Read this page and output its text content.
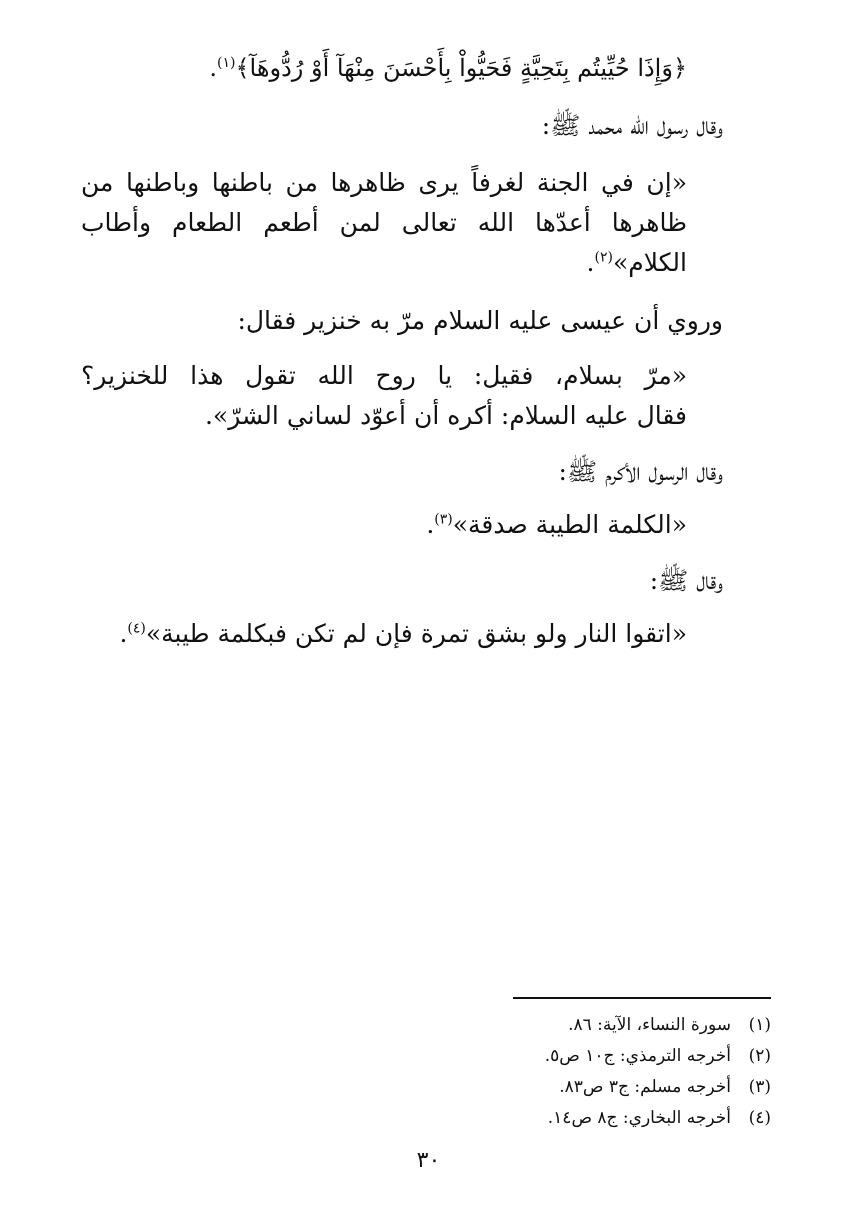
﴿وَإِذَا حُيِّيتُم بِتَحِيَّةٍ فَحَيُّواْ بِأَحْسَنَ مِنْهَآ أَوْ رُدُّوهَآ﴾$^{(١)}$.

وقال رسول الله محمد ﷺ:

«إن في الجنة لغرفاً يرى ظاهرها من باطنها وباطنها من

ظاهرها أعدّها الله تعالى لمن أطعم الطعام وأطاب

الكلام»$^{(٢)}$.

وروي أن عيسى عليه السلام مرّ به خنزير فقال:

«مرّ بسلام، فقيل: يا روح الله تقول هذا للخنزير؟

فقال عليه السلام: أكره أن أعوّد لساني الشرّ».

وقال الرسول الأكرم ﷺ:

«الكلمة الطيبة صدقة»$^{(٣)}$.

وقال ﷺ:

«اتقوا النار ولو بشق تمرة فإن لم تكن فبكلمة طيبة»$^{(٤)}$.

(١)سورة النساء، الآية: ٨٦.
(٢)أخرجه الترمذي: ج١٠ ص٥.
(٣)أخرجه مسلم: ج٣ ص٨٣.
(٤)أخرجه البخاري: ج٨ ص١٤.
٣٠
